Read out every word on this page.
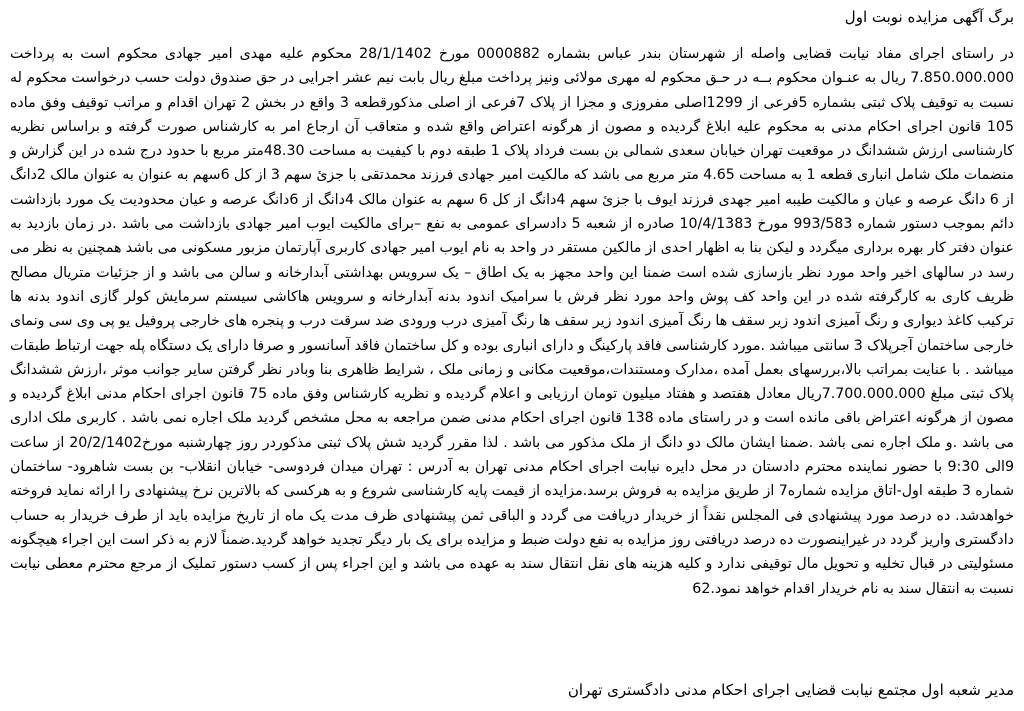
برگ آگهی مزایده نوبت اول

در راستای اجرای مفاد نیابت قضایی واصله از شهرستان بندر عباس بشماره 0000882 مورخ 28/1/1402 محکوم علیه مهدی امیر جهادی محکوم است به پرداخت 7.850.000.000 ریال به عنـوان محکوم بــه در حـق محکوم له مهری مولائی ونیز پرداخت مبلغ ریال بابت نیم عشر اجرایی در حق صندوق دولت حسب درخواست محکوم له نسبت به توقیف پلاک ثبتی بشماره 5فرعی از 1299اصلی مفروزی و مجزا از پلاک 7فرعی از اصلی مذکورقطعه 3 واقع در بخش 2 تهران اقدام و مراتب توقیف وفق ماده 105 قانون اجرای احکام مدنی به محکوم علیه ابلاغ گردیده و مصون از هرگونه اعتراض واقع شده و متعاقب آن ارجاع امر به کارشناس صورت گرفته و براساس نظریه کارشناسی ارزش ششدانگ در موقعیت تهران خیابان سعدی شمالی بن بست فرداد پلاک 1 طبقه دوم با کیفیت به مساحت 48.30متر مربع با حدود درج شده در این گزارش و منضمات ملک شامل انباری قطعه 1 به مساحت 4.65 متر مربع می باشد که مالکیت امیر جهادی فرزند محمدتقی با جزئ سهم 3 از کل 6سهم به عنوان به عنوان مالک 2دانگ از 6 دانگ عرصه و عیان و مالکیت طیبه امیر جهدی فرزند ایوف با جزئ سهم 4دانگ از کل 6 سهم به عنوان مالک 4دانگ از 6دانگ عرصه و عیان محدودیت یک مورد بازداشت دائم بموجب دستور شماره 993/583 مورخ 10/4/1383 صادره از شعبه 5 دادسرای عمومی به نفع –برای مالکیت ایوب امیر جهادی بازداشت می باشد .در زمان بازدید به عنوان دفتر کار بهره برداری میگردد و لیکن بنا به اظهار احدی از مالکین مستقر در واحد به نام ایوب امیر جهادی کاربری آپارتمان مزبور مسکونی می باشد همچنین به نظر می رسد در سالهای اخیر واحد مورد نظر بازسازی شده است ضمنا این واحد مجهز به یک اطاق – یک سرویس بهداشتی آبدارخانه و سالن می باشد و از جزئیات متریال مصالح ظریف کاری به کارگرفته شده در این واحد کف پوش واحد مورد نظر فرش با سرامیک اندود بدنه آبدارخانه و سرویس هاکاشی سیستم سرمایش کولر گازی اندود بدنه ها ترکیب کاغذ دیواری و رنگ آمیزی اندود زیر سقف ها رنگ آمیزی اندود زیر سقف ها رنگ آمیزی درب ورودی ضد سرقت درب و پنجره های خارجی پروفیل یو پی وی سی ونمای خارجی ساختمان آجرپلاک 3 سانتی میباشد .مورد کارشناسی فاقد پارکینگ و دارای انباری بوده و کل ساختمان فاقد آسانسور و صرفا دارای یک دستگاه پله جهت ارتباط طبقات میباشد . با عنایت بمراتب بالا،بررسهای بعمل آمده ،مدارک ومستندات،موقعیت مکانی و زمانی ملک ، شرایط ظاهری بنا وبادر نظر گرفتن سایر جوانب موثر ،ارزش ششدانگ پلاک ثبتی مبلغ 7.700.000.000ریال معادل هفتصد و هفتاد میلیون تومان ارزیابی و اعلام گردیده و نظریه کارشناس وفق ماده 75 قانون اجرای احکام مدنی ابلاغ گردیده و مصون از هرگونه اعتراض باقی مانده است و در راستای ماده 138 قانون اجرای احکام مدنی ضمن مراجعه به محل مشخص گردید ملک اجاره نمی باشد . کاربری ملک اداری می باشد .و ملک اجاره نمی باشد .ضمنا ایشان مالک دو دانگ از ملک مذکور می باشد . لذا مقرر گردید شش پلاک ثبتی مذکوردر روز چهارشنبه مورخ20/2/1402 از ساعت 9الی 9:30 با حضور نماینده محترم دادستان در محل دایره نیابت اجرای احکام مدنی تهران به آدرس : تهران میدان فردوسی- خیابان انقلاب- بن بست شاهرود- ساختمان شماره 3 طبقه اول-اتاق مزایده شماره7 از طریق مزایده به فروش برسد.مزایده از قیمت پایه کارشناسی شروع و به هرکسی که بالاترین نرخ پیشنهادی را ارائه نماید فروخته خواهدشد. ده درصد مورد پیشنهادی فی المجلس نقداً از خریدار دریافت می گردد و الباقی ثمن پیشنهادی ظرف مدت یک ماه از تاریخ مزایده باید از طرف خریدار به حساب دادگستری واریز گردد در غیراینصورت ده درصد دریافتی روز مزایده به نفع دولت ضبط و مزایده برای یک بار دیگر تجدید خواهد گردید.ضمناً لازم به ذکر است این اجراء هیچگونه مسئولیتی در قبال تخلیه و تحویل مال توقیفی ندارد و کلیه هزینه های نقل انتقال سند به عهده می باشد و این اجراء پس از کسب دستور تملیک از مرجع محترم معطی نیابت نسبت به انتقال سند به نام خریدار اقدام خواهد نمود.62

مدیر شعبه اول مجتمع نیابت قضایی اجرای احکام مدنی دادگستری تهران
